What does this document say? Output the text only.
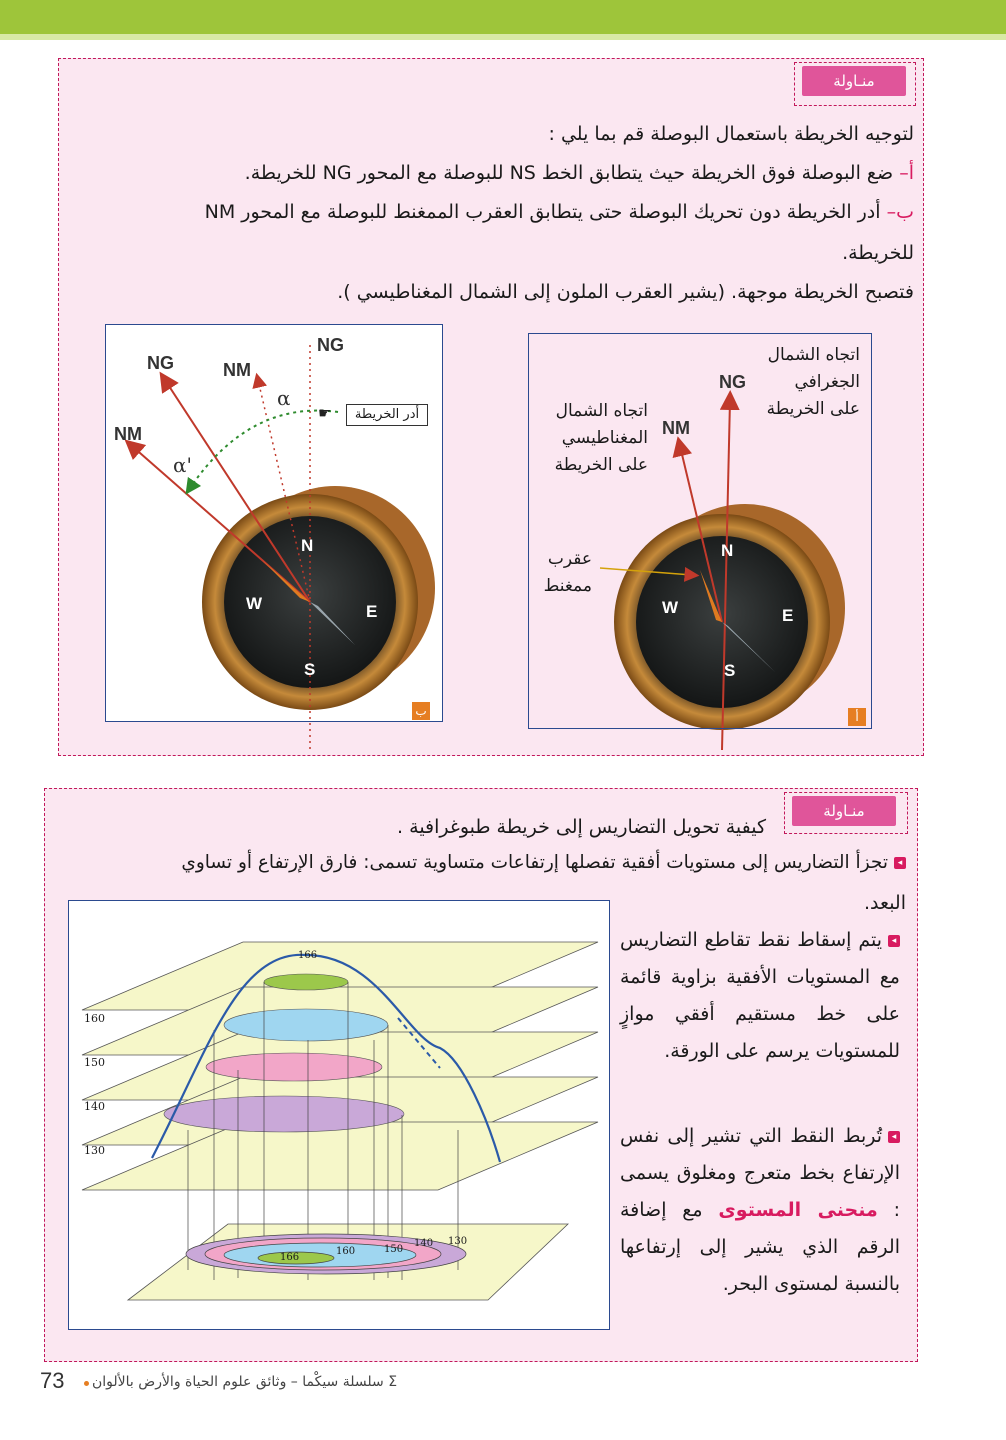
منـاولة
لتوجيه الخريطة باستعمال البوصلة قم بما يلي :
أ– ضع البوصلة فوق الخريطة حيث يتطابق الخط NS للبوصلة مع المحور NG للخريطة.
ب– أدر الخريطة دون تحريك البوصلة حتى يتطابق العقرب الممغنط للبوصلة مع المحور NM
للخريطة.
فتصبح الخريطة موجهة. (يشير العقرب الملون إلى الشمال المغناطيسي ).
NG	NM
NG
NM
α
α'
☛	أدر الخريطة
N
S
E
W
ب
اتجاه الشمال
الجغرافي
على الخريطة
اتجاه الشمال
المغناطيسي
على الخريطة
عقرب
ممغنط
NG
NM
N
S
E
W
أ
منـاولة
كيفية تحويل التضاريس إلى خريطة طبوغرافية .
◂تجزأ التضاريس إلى مستويات أفقية تفصلها إرتفاعات متساوية تسمى: فارق الإرتفاع أو تساوي
البعد.
◂يتم إسقاط نقط تقاطع التضاريس مع المستويات الأفقية بزاوية قائمة على خط مستقيم أفقي موازٍ للمستويات يرسم على الورقة.
◂تُربط النقط التي تشير إلى نفس الإرتفاع بخط متعرج ومغلوق يسمى : منحنى المستوى مع إضافة الرقم الذي يشير إلى إرتفاعها بالنسبة لمستوى البحر.
166
160
150
140
130
166
160	150
140 130
73 Σ سلسلة سيكْما – وثائق علوم الحياة والأرض بالألوان
